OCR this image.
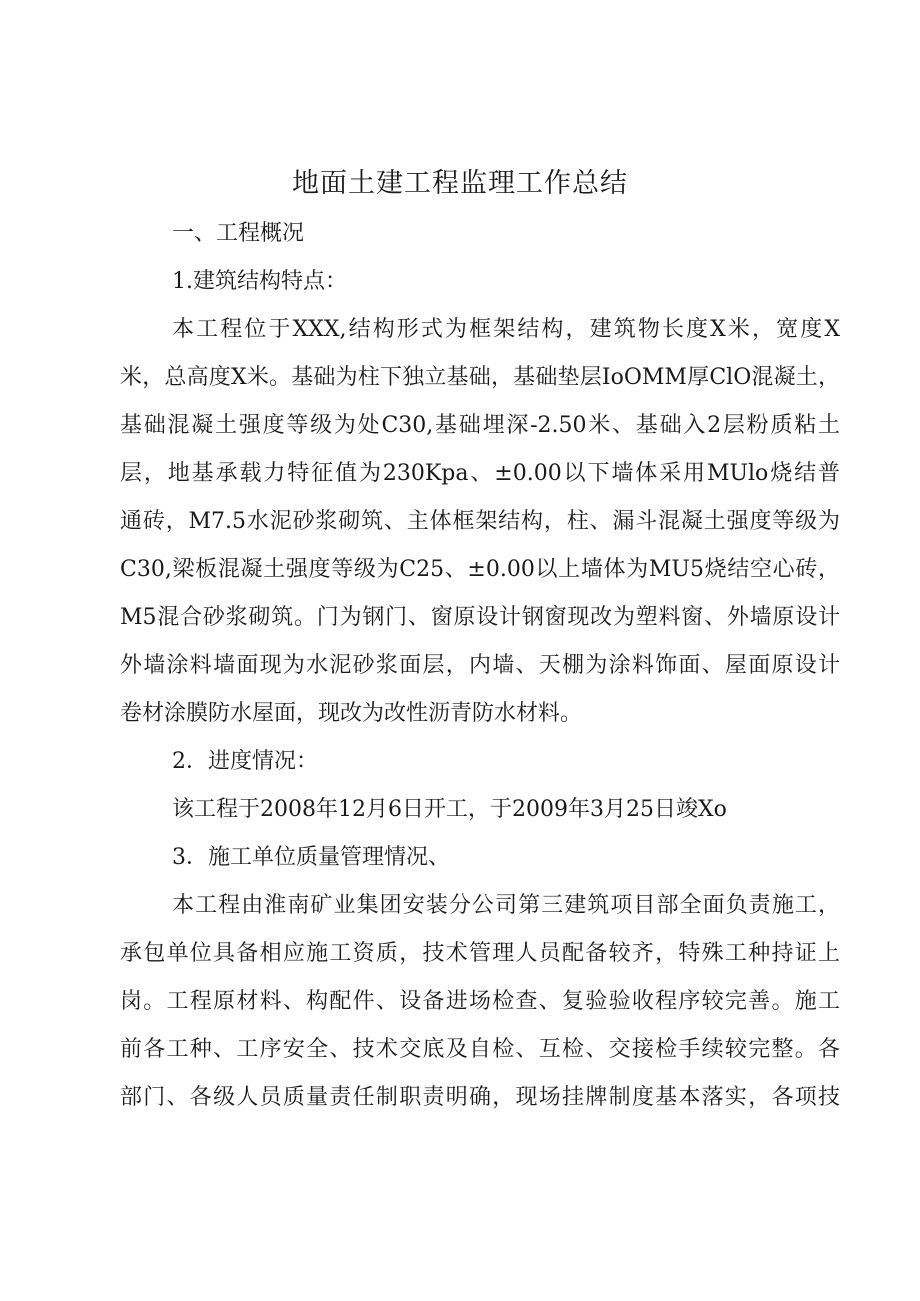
地面土建工程监理工作总结

一、工程概况

1.建筑结构特点：

本工程位于XXX,结构形式为框架结构，建筑物长度X米，宽度X

米，总高度X米。基础为柱下独立基础，基础垫层IoOMM厚ClO混凝土，

基础混凝土强度等级为处C30,基础埋深-2.50米、基础入2层粉质粘土

层，地基承载力特征值为230Kpa、±0.00以下墙体采用MUlo烧结普

通砖，M7.5水泥砂浆砌筑、主体框架结构，柱、漏斗混凝土强度等级为

C30,梁板混凝土强度等级为C25、±0.00以上墙体为MU5烧结空心砖，

M5混合砂浆砌筑。门为钢门、窗原设计钢窗现改为塑料窗、外墙原设计

外墙涂料墙面现为水泥砂浆面层，内墙、天棚为涂料饰面、屋面原设计

卷材涂膜防水屋面，现改为改性沥青防水材料。

2．进度情况：

该工程于2008年12月6日开工，于2009年3月25日竣Xo

3．施工单位质量管理情况、

本工程由淮南矿业集团安装分公司第三建筑项目部全面负责施工，

承包单位具备相应施工资质，技术管理人员配备较齐，特殊工种持证上

岗。工程原材料、构配件、设备进场检查、复验验收程序较完善。施工

前各工种、工序安全、技术交底及自检、互检、交接检手续较完整。各

部门、各级人员质量责任制职责明确，现场挂牌制度基本落实，各项技
